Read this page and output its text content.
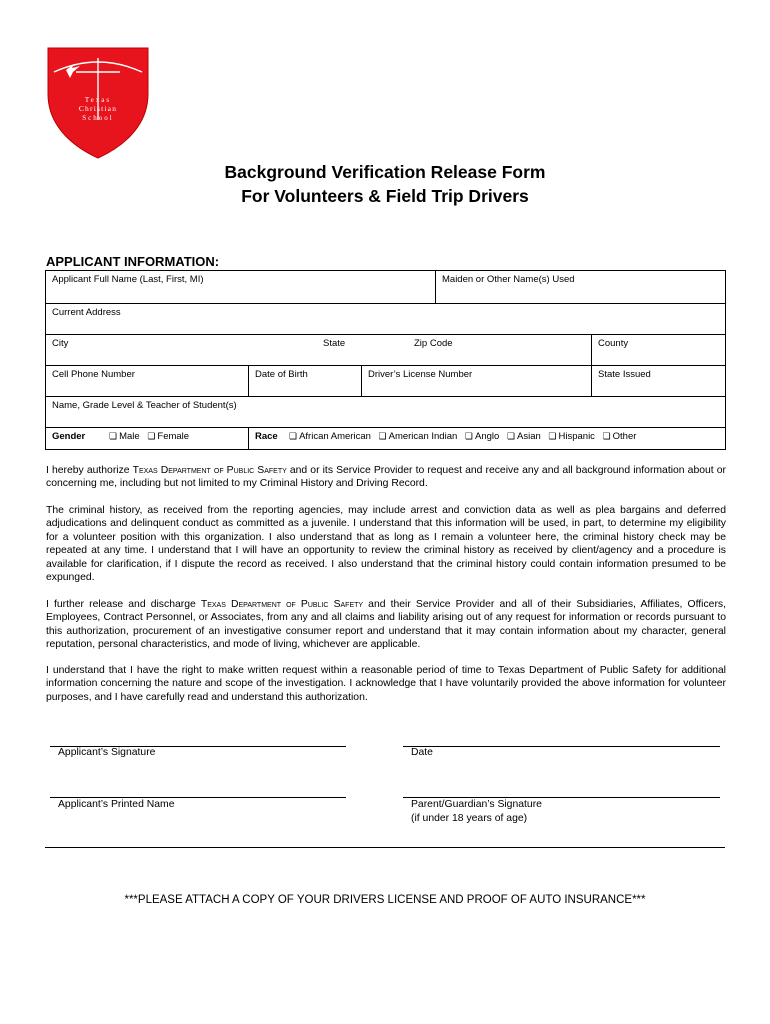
Texas
Christian
School
Background Verification Release Form
For Volunteers & Field Trip Drivers
APPLICANT INFORMATION:
Applicant Full Name (Last, First, MI)	Maiden or Other Name(s) Used
Current Address
City	State	Zip Code	County
Cell Phone Number	Date of Birth	Driver’s License Number	State Issued
Name, Grade Level & Teacher of Student(s)
Gender	❏ Male ❏ Female	Race ❏ African American ❏ American Indian ❏ Anglo ❏ Asian ❏ Hispanic ❏ Other
I hereby authorize Texas Department of Public Safety and or its Service Provider to request and receive any and all background information about or concerning me, including but not limited to my Criminal History and Driving Record.
The criminal history, as received from the reporting agencies, may include arrest and conviction data as well as plea bargains and deferred adjudications and delinquent conduct as committed as a juvenile. I understand that this information will be used, in part, to determine my eligibility for a volunteer position with this organization. I also understand that as long as I remain a volunteer here, the criminal history check may be repeated at any time. I understand that I will have an opportunity to review the criminal history as received by client/agency and a procedure is available for clarification, if I dispute the record as received. I also understand that the criminal history could contain information presumed to be expunged.
I further release and discharge Texas Department of Public Safety and their Service Provider and all of their Subsidiaries, Affiliates, Officers, Employees, Contract Personnel, or Associates, from any and all claims and liability arising out of any request for information or records pursuant to this authorization, procurement of an investigative consumer report and understand that it may contain information about my character, general reputation, personal characteristics, and mode of living, whichever are applicable.
I understand that I have the right to make written request within a reasonable period of time to Texas Department of Public Safety for additional information concerning the nature and scope of the investigation. I acknowledge that I have voluntarily provided the above information for volunteer purposes, and I have carefully read and understand this authorization.
Applicant’s Signature	Date
Applicant’s Printed Name	Parent/Guardian’s Signature
(if under 18 years of age)
***PLEASE ATTACH A COPY OF YOUR DRIVERS LICENSE AND PROOF OF AUTO INSURANCE***
